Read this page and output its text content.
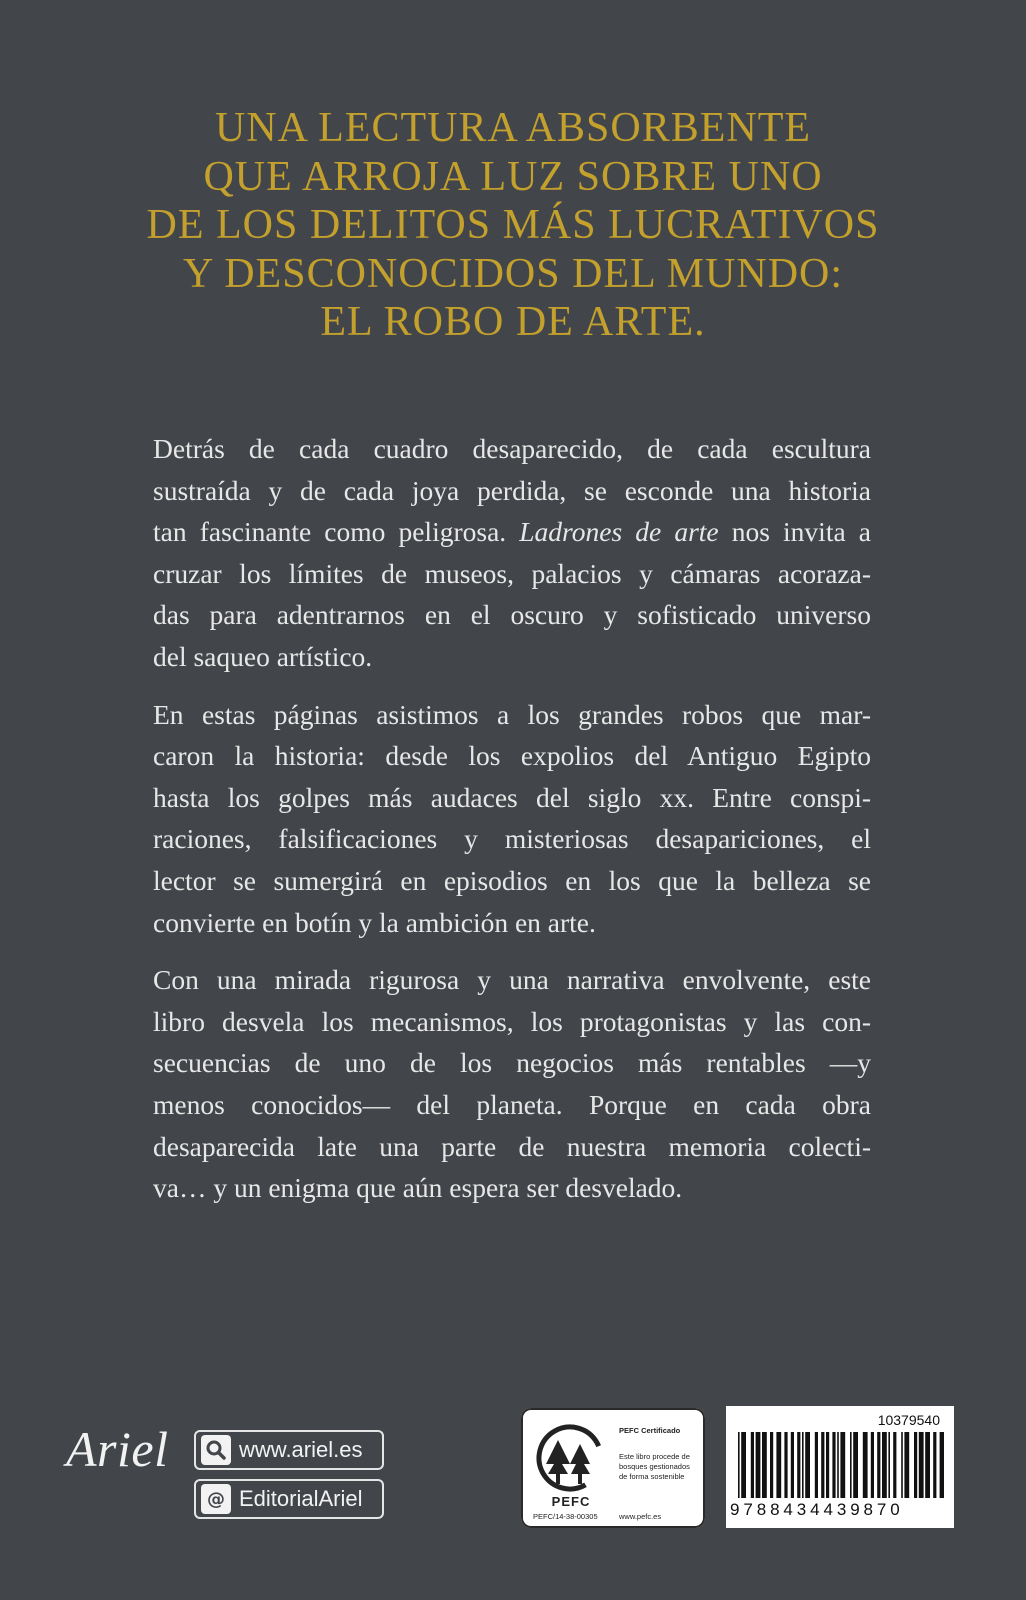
UNA LECTURA ABSORBENTE
QUE ARROJA LUZ SOBRE UNO
DE LOS DELITOS MÁS LUCRATIVOS
Y DESCONOCIDOS DEL MUNDO:
EL ROBO DE ARTE.
Detrás de cada cuadro desaparecido, de cada escultura
sustraída y de cada joya perdida, se esconde una historia
tan fascinante como peligrosa. Ladrones de arte nos invita a
cruzar los límites de museos, palacios y cámaras acoraza-
das para adentrarnos en el oscuro y sofisticado universo
del saqueo artístico.
En estas páginas asistimos a los grandes robos que mar-
caron la historia: desde los expolios del Antiguo Egipto
hasta los golpes más audaces del siglo xx. Entre conspi-
raciones, falsificaciones y misteriosas desapariciones, el
lector se sumergirá en episodios en los que la belleza se
convierte en botín y la ambición en arte.
Con una mirada rigurosa y una narrativa envolvente, este
libro desvela los mecanismos, los protagonistas y las con-
secuencias de uno de los negocios más rentables —y
menos conocidos— del planeta. Porque en cada obra
desaparecida late una parte de nuestra memoria colecti-
va… y un enigma que aún espera ser desvelado.
Ariel	www.ariel.es
@ EditorialAriel	PEFC
PEFC/14-38-00305
PEFC Certificado
Este libro procede de bosques gestionados de forma sostenible
www.pefc.es
10379540
9788434439870
